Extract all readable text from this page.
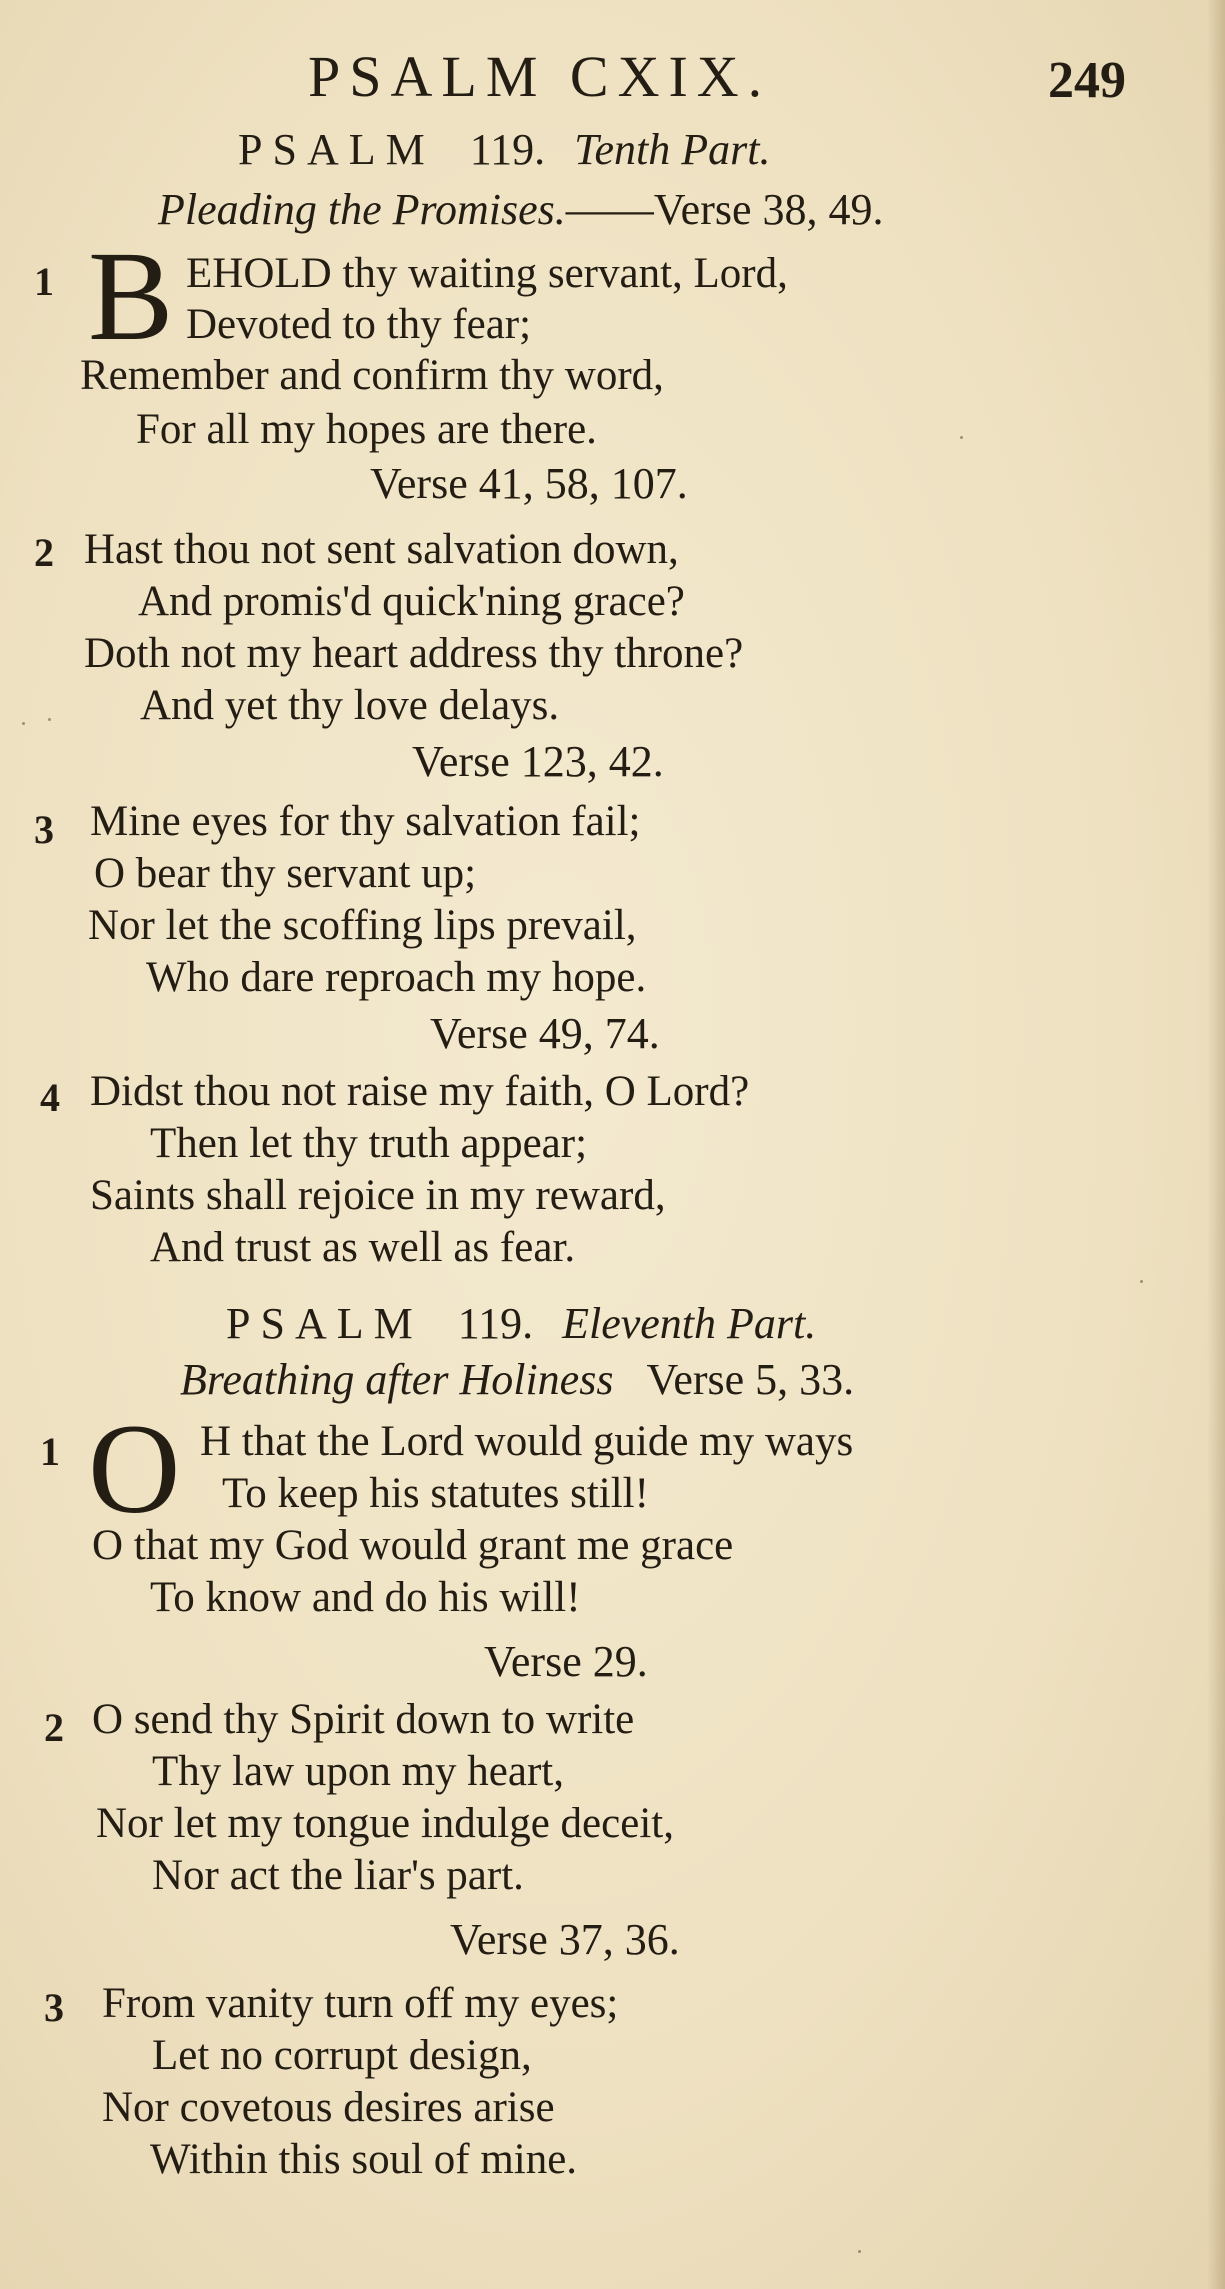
PSALM CXIX.	249
PSALM 119. Tenth Part.
Pleading the Promises.——Verse 38, 49.
1 B EHOLD thy waiting servant, Lord,
Devoted to thy fear;
Remember and confirm thy word,
For all my hopes are there.
Verse 41, 58, 107.
2 Hast thou not sent salvation down,
And promis'd quick'ning grace?
Doth not my heart address thy throne?
And yet thy love delays.
Verse 123, 42.
3 Mine eyes for thy salvation fail;
O bear thy servant up;
Nor let the scoffing lips prevail,
Who dare reproach my hope.
Verse 49, 74.
4 Didst thou not raise my faith, O Lord?
Then let thy truth appear;
Saints shall rejoice in my reward,
And trust as well as fear.
PSALM 119. Eleventh Part.
Breathing after Holiness Verse 5, 33.
1 O H that the Lord would guide my ways
To keep his statutes still!
O that my God would grant me grace
To know and do his will!
Verse 29.
2 O send thy Spirit down to write
Thy law upon my heart,
Nor let my tongue indulge deceit,
Nor act the liar's part.
Verse 37, 36.
3 From vanity turn off my eyes;
Let no corrupt design,
Nor covetous desires arise
Within this soul of mine.
